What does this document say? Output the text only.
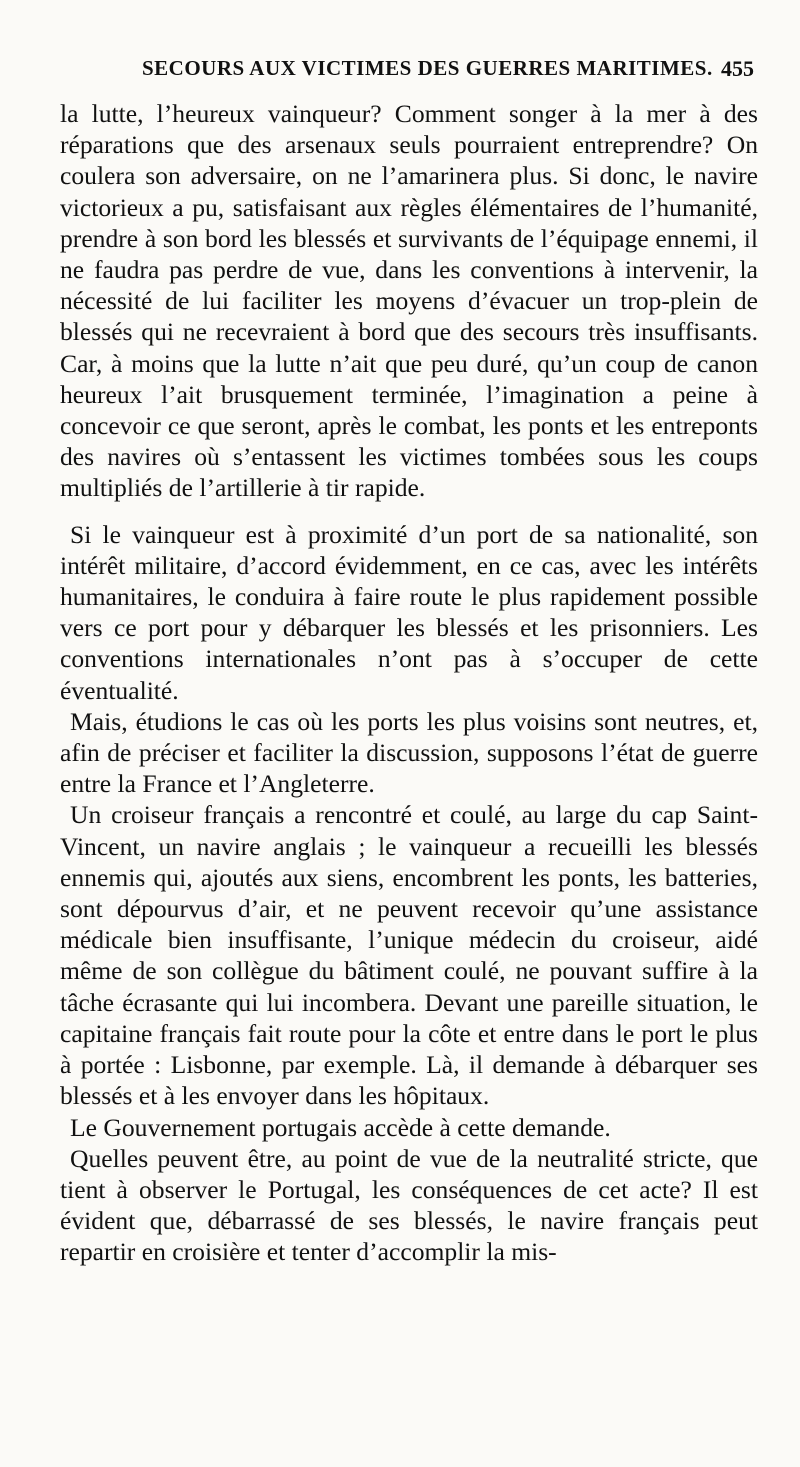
SECOURS AUX VICTIMES DES GUERRES MARITIMES. 455

la lutte, l’heureux vainqueur? Comment songer à la mer à des réparations que des arsenaux seuls pourraient entreprendre? On coulera son adversaire, on ne l’amarinera plus. Si donc, le navire victorieux a pu, satisfaisant aux règles élémentaires de l’humanité, prendre à son bord les blessés et survivants de l’équipage ennemi, il ne faudra pas perdre de vue, dans les conventions à intervenir, la nécessité de lui faciliter les moyens d’évacuer un trop-plein de blessés qui ne recevraient à bord que des secours très insuffisants. Car, à moins que la lutte n’ait que peu duré, qu’un coup de canon heureux l’ait brusquement terminée, l’imagination a peine à concevoir ce que seront, après le combat, les ponts et les entreponts des navires où s’entassent les victimes tombées sous les coups multipliés de l’artillerie à tir rapide.

Si le vainqueur est à proximité d’un port de sa nationalité, son intérêt militaire, d’accord évidemment, en ce cas, avec les intérêts humanitaires, le conduira à faire route le plus rapidement possible vers ce port pour y débarquer les blessés et les prisonniers. Les conventions internationales n’ont pas à s’occuper de cette éventualité.

Mais, étudions le cas où les ports les plus voisins sont neutres, et, afin de préciser et faciliter la discussion, supposons l’état de guerre entre la France et l’Angleterre.

Un croiseur français a rencontré et coulé, au large du cap Saint-Vincent, un navire anglais ; le vainqueur a recueilli les blessés ennemis qui, ajoutés aux siens, encombrent les ponts, les batteries, sont dépourvus d’air, et ne peuvent recevoir qu’une assistance médicale bien insuffisante, l’unique médecin du croiseur, aidé même de son collègue du bâtiment coulé, ne pouvant suffire à la tâche écrasante qui lui incombera. Devant une pareille situation, le capitaine français fait route pour la côte et entre dans le port le plus à portée : Lisbonne, par exemple. Là, il demande à débarquer ses blessés et à les envoyer dans les hôpitaux.

Le Gouvernement portugais accède à cette demande.

Quelles peuvent être, au point de vue de la neutralité stricte, que tient à observer le Portugal, les conséquences de cet acte? Il est évident que, débarrassé de ses blessés, le navire français peut repartir en croisière et tenter d’accomplir la mis-
